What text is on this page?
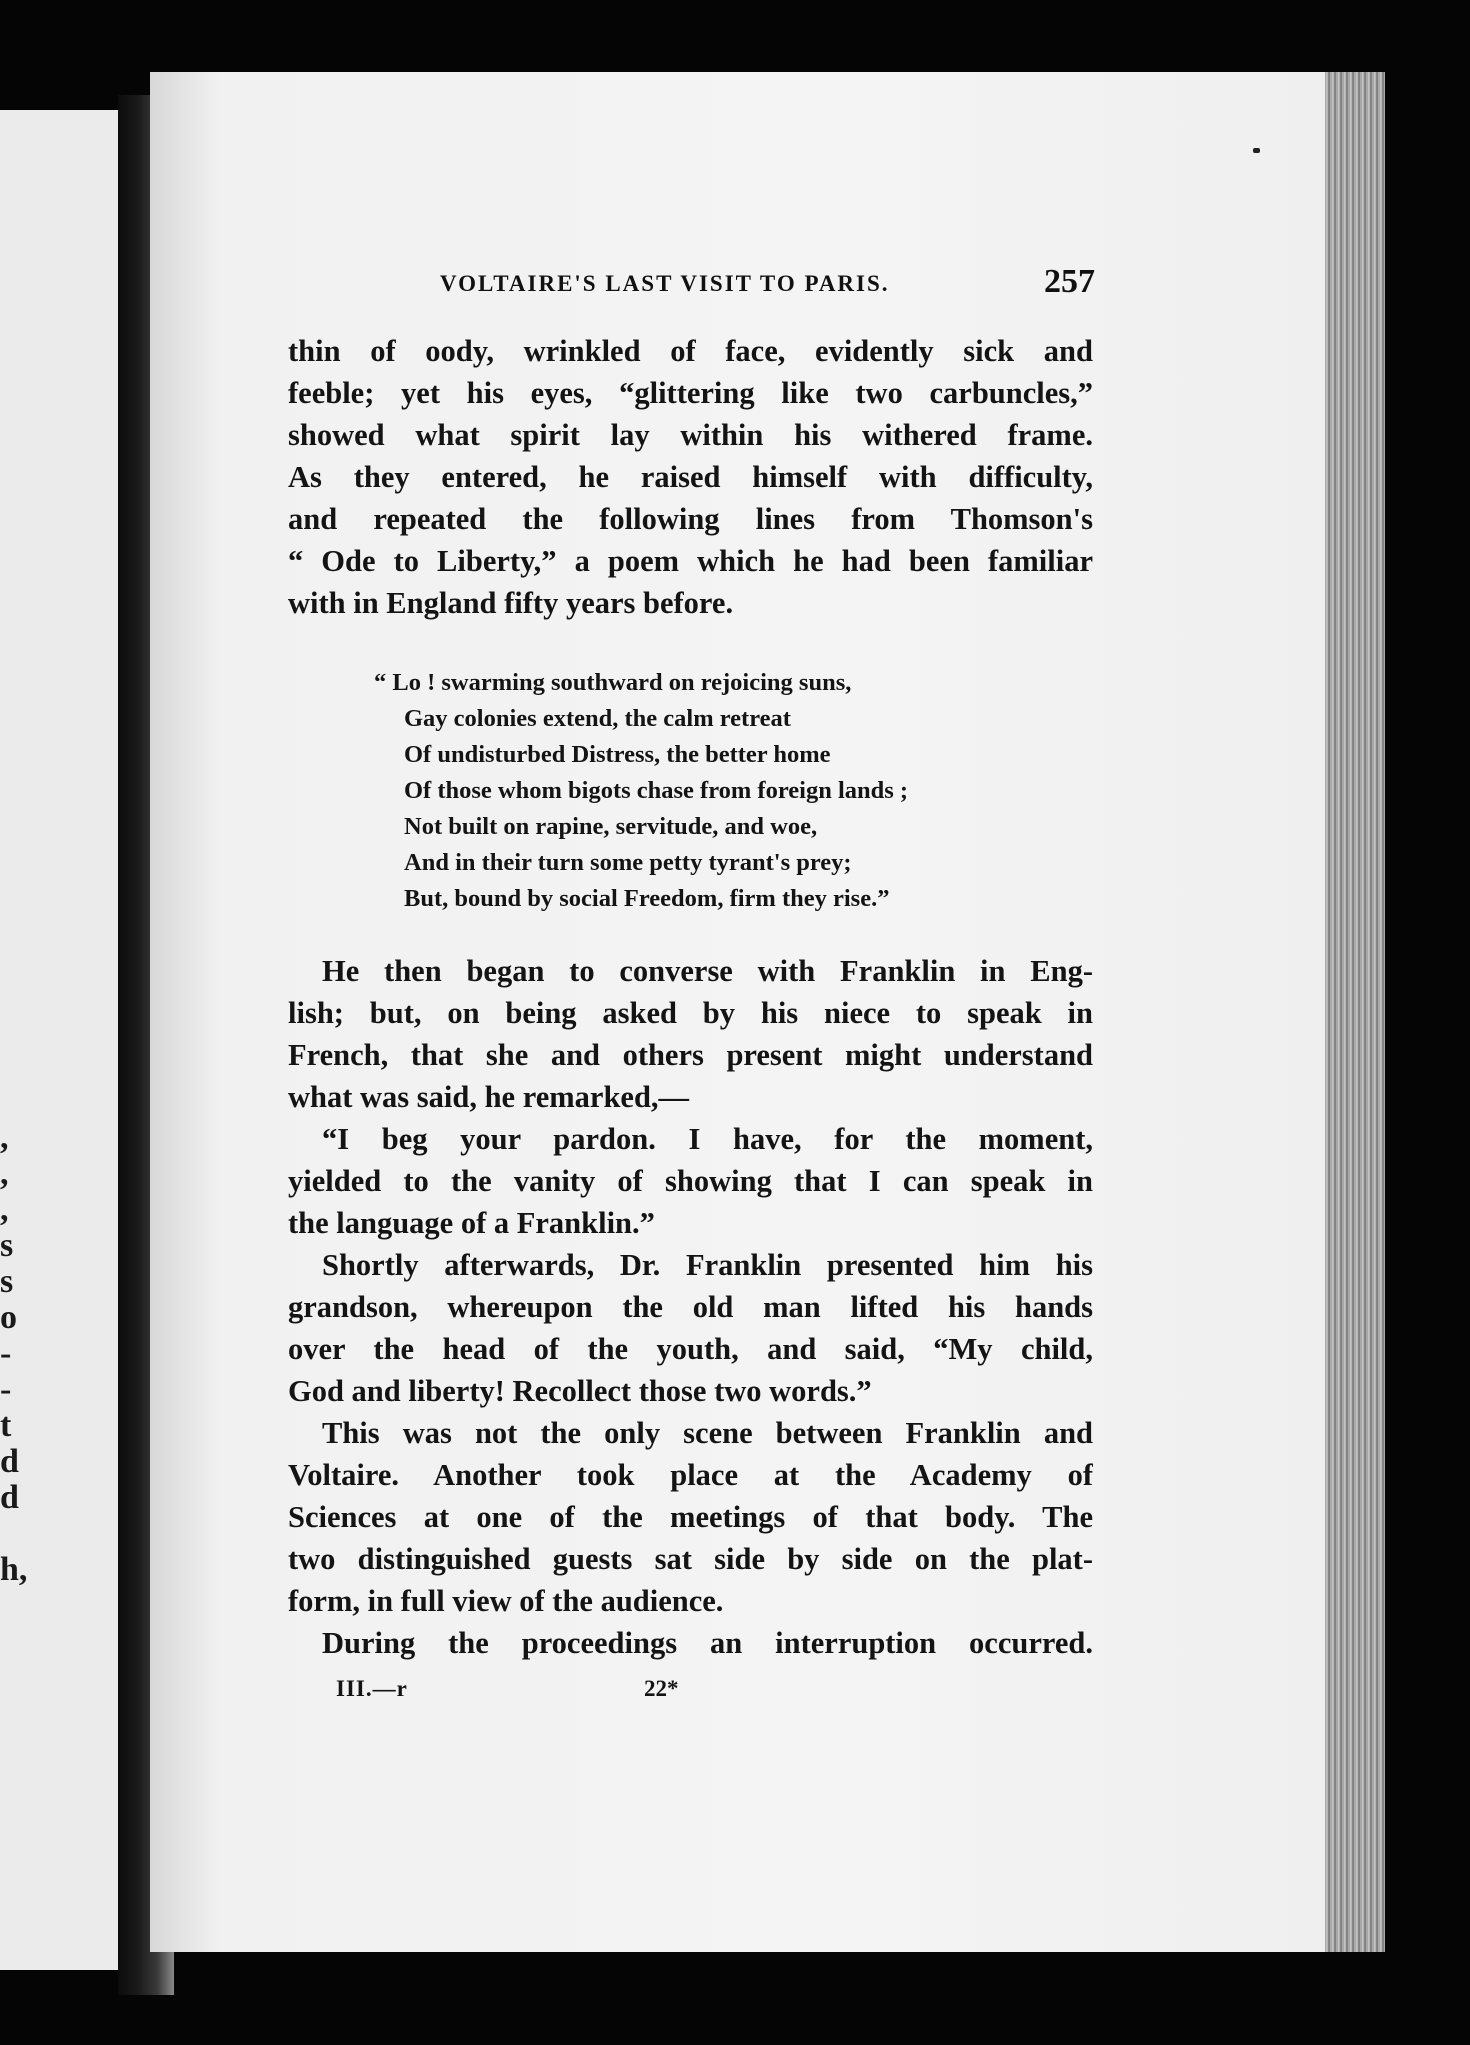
,
,
,
s
s
o
-
-
t
d
d
h,
VOLTAIRE'S LAST VISIT TO PARIS.	257
thin of oody, wrinkled of face, evidently sick and
feeble; yet his eyes, “glittering like two carbuncles,”
showed what spirit lay within his withered frame.
As they entered, he raised himself with difficulty,
and repeated the following lines from Thomson's
“ Ode to Liberty,” a poem which he had been familiar
with in England fifty years before.
“ Lo ! swarming southward on rejoicing suns,
Gay colonies extend, the calm retreat
Of undisturbed Distress, the better home
Of those whom bigots chase from foreign lands ;
Not built on rapine, servitude, and woe,
And in their turn some petty tyrant's prey;
But, bound by social Freedom, firm they rise.”
He then began to converse with Franklin in Eng-
lish; but, on being asked by his niece to speak in
French, that she and others present might understand
what was said, he remarked,—
“I beg your pardon. I have, for the moment,
yielded to the vanity of showing that I can speak in
the language of a Franklin.”
Shortly afterwards, Dr. Franklin presented him his
grandson, whereupon the old man lifted his hands
over the head of the youth, and said, “My child,
God and liberty! Recollect those two words.”
This was not the only scene between Franklin and
Voltaire. Another took place at the Academy of
Sciences at one of the meetings of that body. The
two distinguished guests sat side by side on the plat-
form, in full view of the audience.
During the proceedings an interruption occurred.
III.—r	22*
